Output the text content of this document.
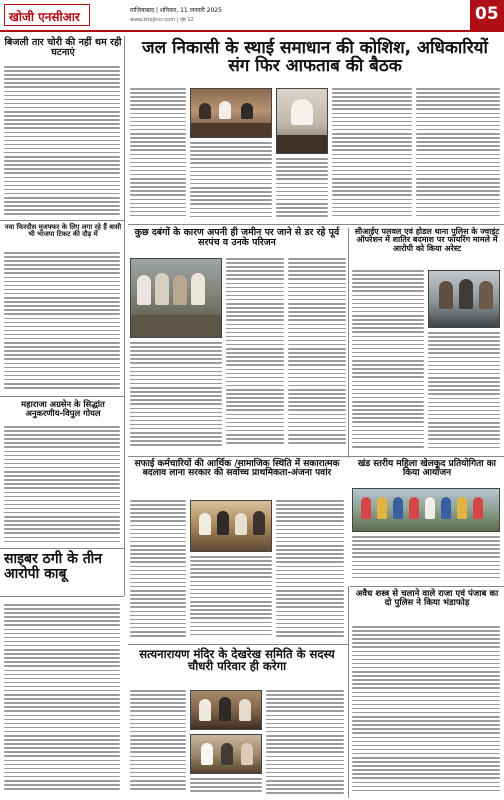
खोजी एनसीआर	ग़ाज़ियाबाद | शनिवार, 11 जनवरी 2025
www.khojincr.com | पृष्ठ 12	05
बिजली तार चोरी की नहीं थम रही घटनाएं
नवा फिरदौस मुजफ्फर के लिए लगा रहे हैं बासी भी भाजपा टिकट की दौड़ में
महाराजा अग्रसेन के सिद्धांत अनुकरणीय-विपुल गोयल
साइबर ठगी के तीन आरोपी काबू
जल निकासी के स्थाई समाधान की कोशिश, अधिकारियों संग फिर आफताब की बैठक
कुछ दबंगों के कारण अपनी ही जमीन पर जाने से डर रहे पूर्व सरपंच व उनके परिजन
सीआईए पलवल एवं होडल थाना पुलिस के ज्वाइंट ऑपरेशन में शातिर बदमाश पर फायरिंग मामले में आरोपी को किया अरेस्ट
सफाई कर्मचारियों की आर्थिक /सामाजिक स्थिति में सकारात्मक बदलाव लाना सरकार की सर्वोच्च प्राथमिकता-अंजना पवांर
खंड स्तरीय महिला खेलकूद प्रतियोगिता का किया आयोजन
अवैध शस्त्र से चलाने वाले राजा एवं पंजाब का दो पुलिस ने किया भंडाफोड़
सत्यनारायण मंदिर के देखरेख समिति के सदस्य चौधरी परिवार ही करेगा
